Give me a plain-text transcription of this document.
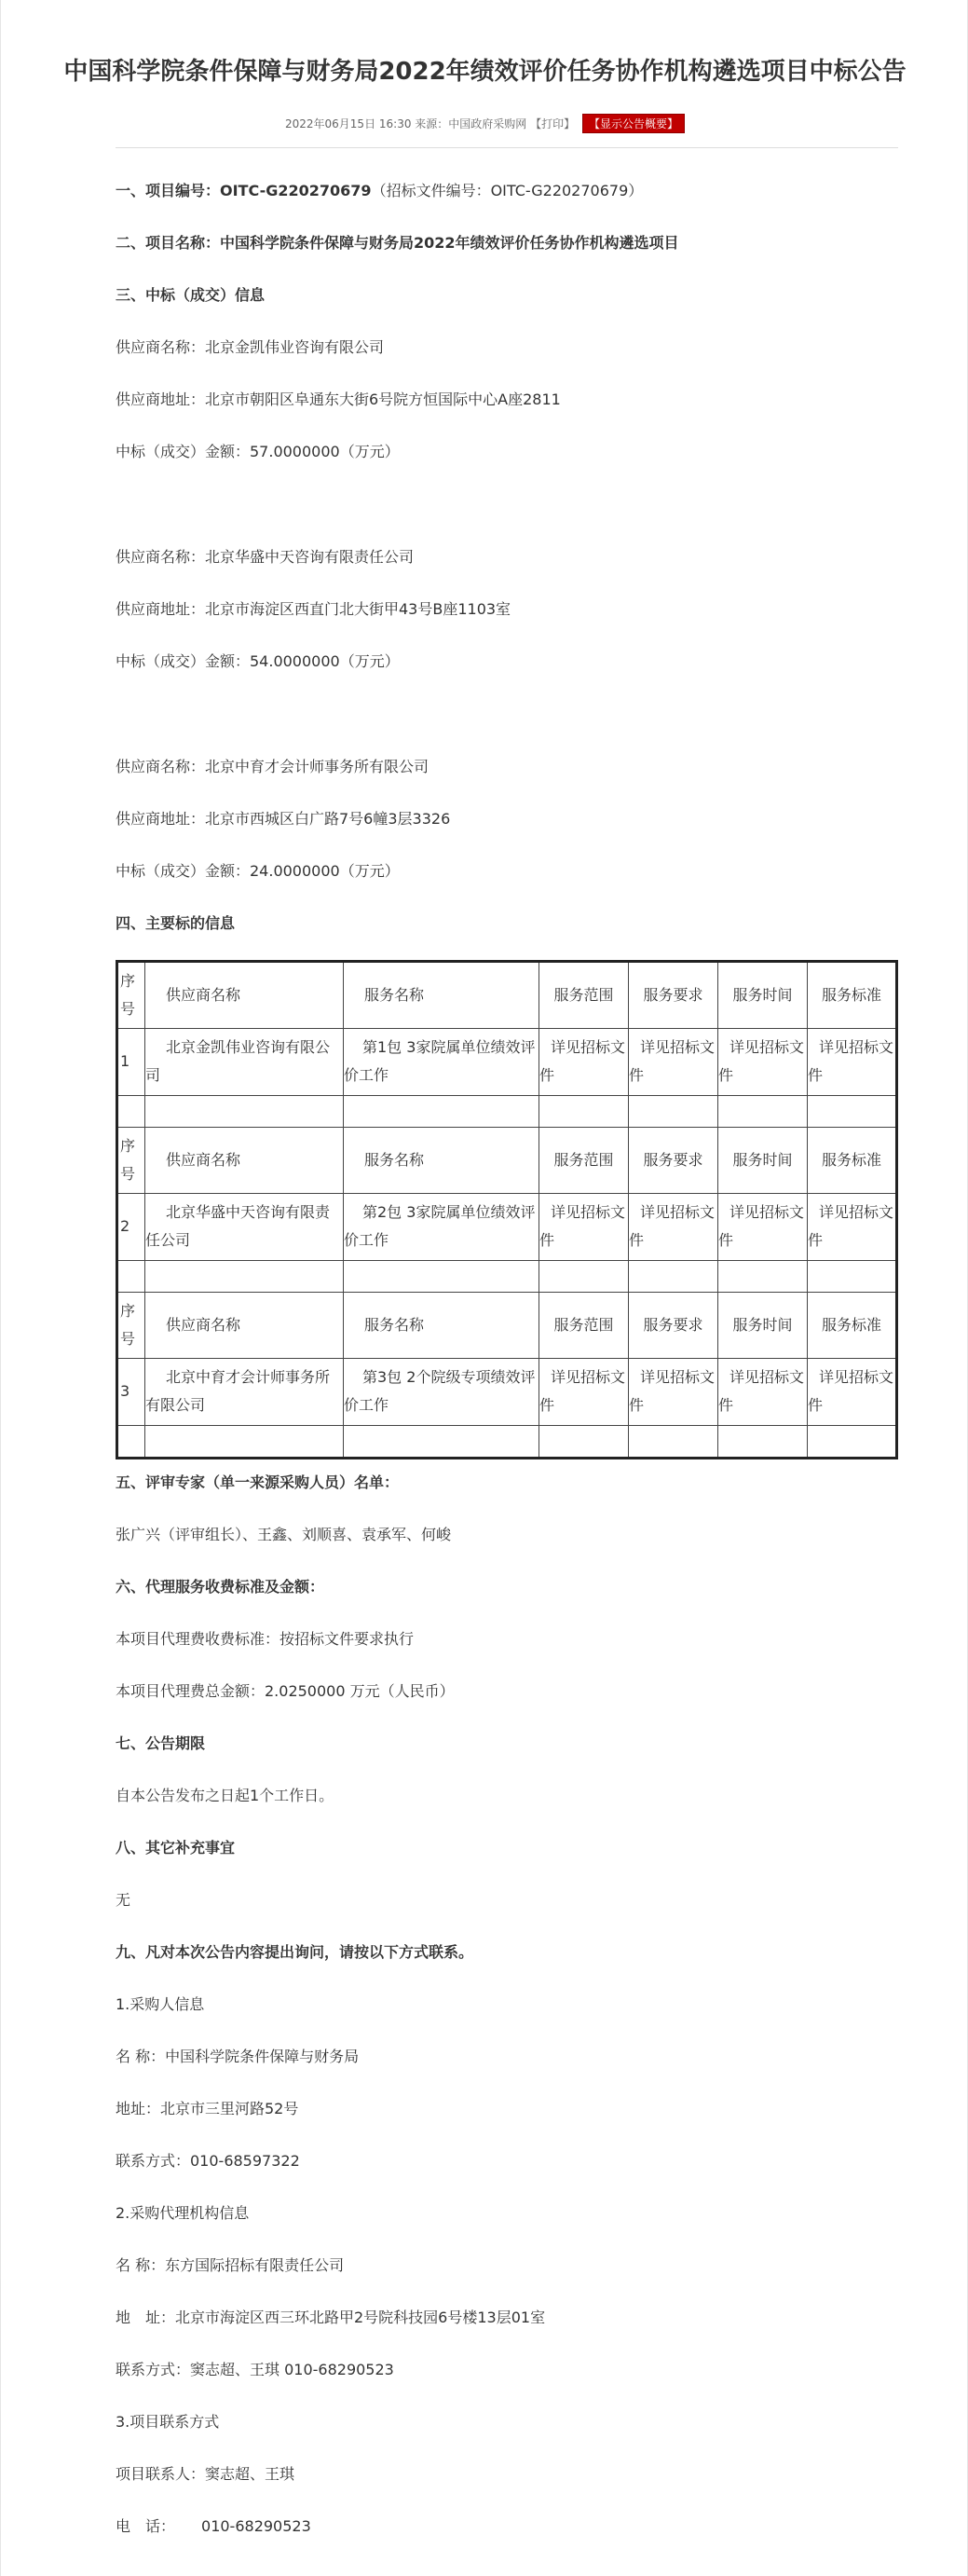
中国科学院条件保障与财务局2022年绩效评价任务协作机构遴选项目中标公告
2022年06月15日 16:30 来源：中国政府采购网 【打印】 【显示公告概要】
一、项目编号：OITC-G220270679（招标文件编号：OITC-G220270679）
二、项目名称：中国科学院条件保障与财务局2022年绩效评价任务协作机构遴选项目
三、中标（成交）信息
供应商名称：北京金凯伟业咨询有限公司
供应商地址：北京市朝阳区阜通东大街6号院方恒国际中心A座2811
中标（成交）金额：57.0000000（万元）
供应商名称：北京华盛中天咨询有限责任公司
供应商地址：北京市海淀区西直门北大街甲43号B座1103室
中标（成交）金额：54.0000000（万元）
供应商名称：北京中育才会计师事务所有限公司
供应商地址：北京市西城区白广路7号6幢3层3326
中标（成交）金额：24.0000000（万元）
四、主要标的信息
序号	供应商名称	服务名称	服务范围	服务要求	服务时间	服务标准
1	北京金凯伟业咨询有限公司	第1包 3家院属单位绩效评价工作	详见招标文件	详见招标文件	详见招标文件	详见招标文件

序号	供应商名称	服务名称	服务范围	服务要求	服务时间	服务标准
2	北京华盛中天咨询有限责任公司	第2包 3家院属单位绩效评价工作	详见招标文件	详见招标文件	详见招标文件	详见招标文件

序号	供应商名称	服务名称	服务范围	服务要求	服务时间	服务标准
3	北京中育才会计师事务所有限公司	第3包 2个院级专项绩效评价工作	详见招标文件	详见招标文件	详见招标文件	详见招标文件

五、评审专家（单一来源采购人员）名单：
张广兴（评审组长）、王鑫、刘顺喜、袁承军、何峻
六、代理服务收费标准及金额：
本项目代理费收费标准：按招标文件要求执行
本项目代理费总金额：2.0250000 万元（人民币）
七、公告期限
自本公告发布之日起1个工作日。
八、其它补充事宜
无
九、凡对本次公告内容提出询问，请按以下方式联系。
1.采购人信息
名 称：中国科学院条件保障与财务局
地址：北京市三里河路52号
联系方式：010-68597322
2.采购代理机构信息
名 称：东方国际招标有限责任公司
地　址：北京市海淀区西三环北路甲2号院科技园6号楼13层01室
联系方式：窦志超、王琪 010-68290523
3.项目联系方式
项目联系人：窦志超、王琪
电　话： 010-68290523
